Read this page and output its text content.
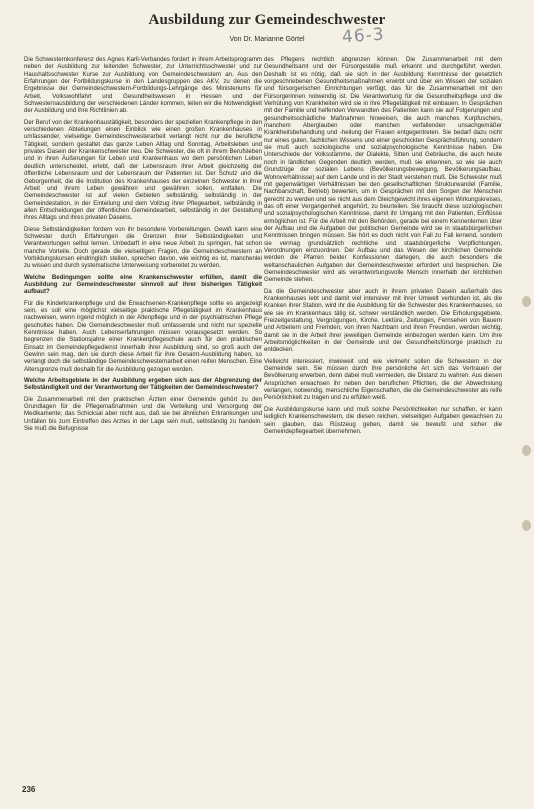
Ausbildung zur Gemeindeschwester
Von Dr. Marianne Görtel	46-3

Die Schwesternkonferenz des Agnes Karll-Verbandes fordert in ihrem Arbeitsprogramm neben der Ausbildung zur leitenden Schwester, zur Unterrichtsschwester und zur Haushaltsschwester Kurse zur Ausbildung von Gemeindeschwestern an. Aus den Erfahrungen der Fortbildungskurse in den Landesgruppen des AKV, zu denen die Ergebnisse der Gemeindeschwestern-Fortbildungs-Lehrgänge des Ministeriums für Arbeit, Volkswohlfahrt und Gesundheitswesen in Hessen und der Schwesternausbildung der verschiedenen Länder kommen, leiten wir die Notwendigkeit der Ausbildung und ihre Richtlinien ab.

Der Beruf von der Krankenhaustätigkeit, besonders der speziellen Krankenpflege in den verschiedenen Abteilungen einen Einblick wie einen großen Krankenhauses in umfassender, vielseitige Gemeindeschwesterarbeit verlangt nicht nur die berufliche Tätigkeit, sondern gestaltet das ganze Leben Alltag und Sonntag, Arbeitsleben und privates Dasein der Krankenschwester neu. Die Schwester, die oft in ihrem Berufsleben und in ihren Äußerungen für Leben und Krankenhaus wo dem persönlichen Leben deutlich unterscheidet, erlebt, daß der Lebensraum ihrer Arbeit gleichzeitig der öffentliche Lebensraum und der Lebensraum der Patienten ist. Der Schutz und die Geborgenheit, die die Institution des Krankenhauses der einzelnen Schwester in ihrer Arbeit und ihrem Leben gewähren und gewähren sollen, entfallen. Die Gemeindeschwester ist auf vielen Gebieten selbständig, selbständig in der Gemeindestation, in der Einteilung und dem Vollzug ihrer Pflegearbeit, selbständig in allen Entscheidungen der öffentlichen Gemeindearbeit, selbständig in der Gestaltung ihres Alltags und ihres privaten Daseins.

Diese Selbständigkeiten fordern von ihr besondere Vorbereitungen. Gewiß kann eine Schwester durch Erfahrungen die Grenzen ihrer Selbständigkeiten und Verantwortungen selbst lernen. Unbedarft in eine neue Arbeit zu springen, hat schon manche Vorteile. Doch gerade die vielseitigen Fragen, die Gemeindeschwestern an Vorbildungskursen eindringlich stellen, sprechen davon, wie wichtig es ist, manchenlei zu wissen und durch systematische Unterweisung vorbereitet zu werden.

Welche Bedingungen sollte eine Krankenschwester erfüllen, damit die Ausbildung zur Gemeindeschwester sinnvoll auf ihrer bisherigen Tätigkeit aufbaut?

Für die Kinderkrankenpflege und die Erwachsenen-Krankenpflege sollte es angezeigt sein, es soll eine möglichst vielseitige praktische Pflegetätigkeit im Krankenhaus nachweisen, wenn irgend möglich in der Altenpflege und in der psychiatrischen Pflege geschultes haben. Die Gemeindeschwester muß umfassende und nicht nur spezielle Kenntnisse haben. Auch Lebenserfahrungen müssen vorausgesetzt werden. So begrenzen die Stationsjahre einer Krankenpflegeschule auch für den praktischen Einsatz im Gemeindepflegedienst innerhalb ihrer Ausbildung sind, so groß auch der Gewinn sein mag, den sie durch diese Arbeit für ihre Gesamt-Ausbildung haben, so verlangt doch die selbständige Gemeindeschwesternarbeit einen reifen Menschen. Eine Altersgrenze muß deshalb für die Ausbildung gezogen werden.

Welche Arbeitsgebiete in der Ausbildung ergeben sich aus der Abgrenzung der Selbständigkeit und der Verantwortung der Tätigkeiten der Gemeindeschwester?

Die Zusammenarbeit mit den praktischen Ärzten einer Gemeinde gehört zu den Grundlagen für die Pflegemaßnahmen und die Verteilung und Versorgung der Medikamente; das Schicksal aber nicht aus, daß sie bei ähnlichen Erkrankungen und Unfällen bis zum Eintreffen des Arztes in der Lage sein muß, selbständig zu handeln. Sie muß die Befugnisse

des Pflegens rechtlich abgrenzen können. Die Zusammenarbeit mit dem Gesundheitsamt und der Fürsorgestelle muß erkannt und durchgeführt werden. Deshalb ist es nötig, daß sie sich in der Ausbildung Kenntnisse der gesetzlich vorgeschriebenen Gesundheitsmaßnahmen erwirbt und über ein Wissen der sozialen und fürsorgerischen Einrichtungen verfügt, das für die Zusammenarbeit mit den Fürsorgerinnen notwendig ist. Die Verantwortung für die Gesundheitspflege und die Verhütung von Krankheiten wird sie in ihre Pflegetätigkeit mit einbauen. In Gesprächen mit der Familie und helfenden Verwandten des Patienten kann sie auf Folgerungen und gesundheitsschädliche Maßnahmen hinweisen, die auch manches Kurpfuschers, manchem Aberglauben oder manchen verfallenden unsachgemäßer Krankheitsbehandlung und -heilung der Frauen entgegentreten. Sie bedarf dazu nicht nur eines guten, fachlichen Wissens und einer geschickten Gesprächsführung, sondern sie muß auch soziologische und sozialpsychologische Kenntnisse haben. Die Unterschiede der Volksstämme, der Dialekte, Sitten und Gebräuche, die auch heute noch in ländlichen Gegenden deutlich werden, muß sie erkennen, so wie sie auch Grundzüge der sozialen Lebens (Bevölkerungsbewegung, Bevölkerungsaufbau, Wohnverhältnisse) auf dem Lande und in der Stadt verstehen muß. Die Schwester muß mit gegenwärtigen Verhältnissen bei den gesellschaftlichen Strukturwandel (Familie, Nachbarschaft, Betrieb) bewerten, um in Gesprächen mit den Sorgen der Menschen gerecht zu werden und sie nicht aus dem Gleichgewicht ihres eigenen Wirkungskreises, das oft einer Vergangenheit angehört, zu beurteilen. Sie braucht diese soziologischen und sozialpsychologischen Kenntnisse, damit ihr Umgang mit den Patienten, Einflüsse ermöglichen ist. Für die Arbeit mit den Behörden, gerade bei einem Kennenlernen über der Aufbau und die Aufgaben der politischen Gemeinde wird sie in staatsbürgerlichen Kenntnissen bringen müssen. Sie hört es doch nicht von Fall zu Fall lernend, sondern sie vermag grundsätzlich rechtliche und staatsbürgerliche Verpflichtungen, Verordnungen einzuordnen. Der Aufbau und das Wesen der kirchlichen Gemeinde werden die Pfarren beider Konfessionen darlegen, die auch besonders die weltanschaulichen Aufgaben der Gemeindeschwester erfordert und besprechen. Die Gemeindeschwester wird als verantwortungsvolle Mensch innerhalb der kirchlichen Gemeinde stehen.

Da die Gemeindeschwester aber auch in ihrem privaten Dasein außerhalb des Krankenhauses lebt und damit viel intensiver mit ihrer Umwelt verbunden ist, als die Kranken ihrer Station, wird ihr die Ausbildung für die Schwester des Krankenhauses, so wie sie im Krankenhaus tätig ist, schwer verständlich werden. Die Erholungsgebiete, Freizeitgestaltung, Vergnügungen, Kirche, Lektüre, Zeitungen, Fernsehen von Bauern und Arbeitern und Fremden, von ihren Nachbarn und ihren Freunden, werden wichtig, damit sie in die Arbeit ihrer jeweiligen Gemeinde einbezogen werden kann. Um ihre Arbeitsmöglichkeiten in der Gemeinde und der Gesundheitsfürsorge praktisch zu entdecken.

Vielleicht interessiert, inwieweit und wie vielmehr sollen die Schwestern in der Gemeinde sein. Sie müssen durch ihre persönliche Art sich das Vertrauen der Bevölkerung erwerben, denn dabei muß vermieden, die Distanz zu wahren. Aus diesen Ansprüchen erwachsen ihr neben den beruflichen Pflichten, die der Abwechslung verlangen, notwendig, menschliche Eigenschaften, die die Gemeindeschwester als reife Persönlichkeit zu tragen und zu erfüllen weiß.

Die Ausbildungskurse kann und muß solche Persönlichkeiten nur schaffen, er kann lediglich Krankenschwestern, die diesen reichen, vielseitigen Aufgaben gewachsen zu sein glauben, das Rüstzeug geben, damit sie bewußt und sicher die Gemeindepflegearbeit übernehmen.

236
